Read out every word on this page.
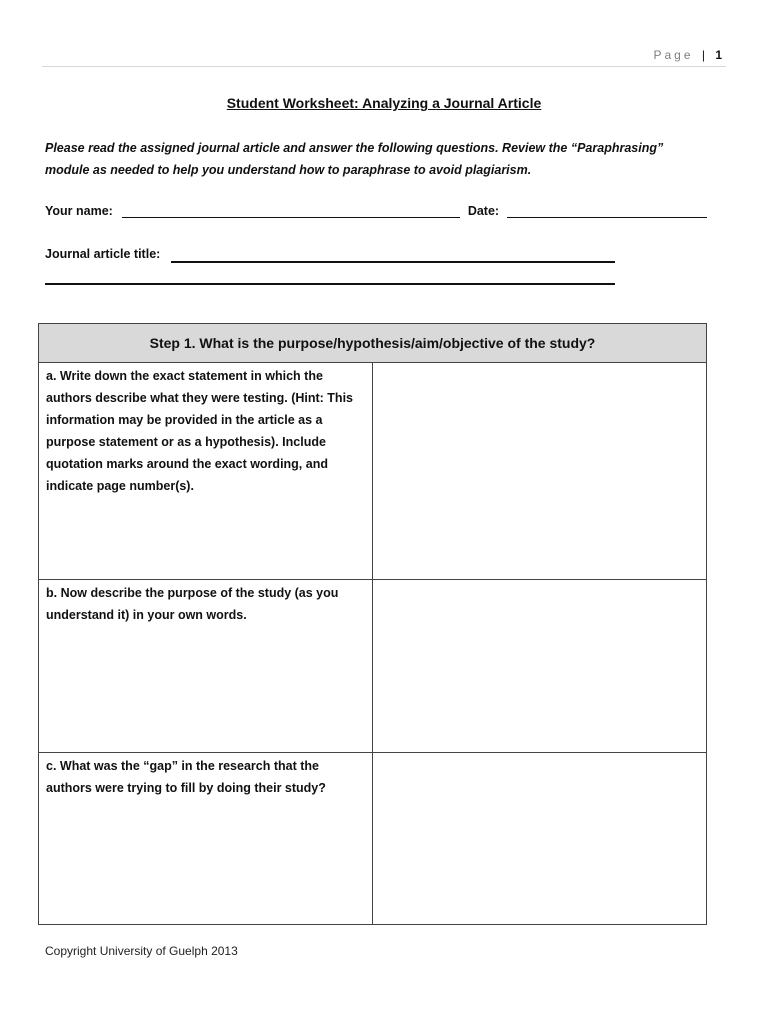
Page | 1
Student Worksheet: Analyzing a Journal Article
Please read the assigned journal article and answer the following questions. Review the “Paraphrasing” module as needed to help you understand how to paraphrase to avoid plagiarism.
Your name:	Date:
Journal article title:
Step 1. What is the purpose/hypothesis/aim/objective of the study?	
a. Write down the exact statement in which the authors describe what they were testing. (Hint: This information may be provided in the article as a purpose statement or as a hypothesis). Include quotation marks around the exact wording, and indicate page number(s).	
b. Now describe the purpose of the study (as you understand it) in your own words.	
c. What was the “gap” in the research that the authors were trying to fill by doing their study?	
Copyright University of Guelph 2013
